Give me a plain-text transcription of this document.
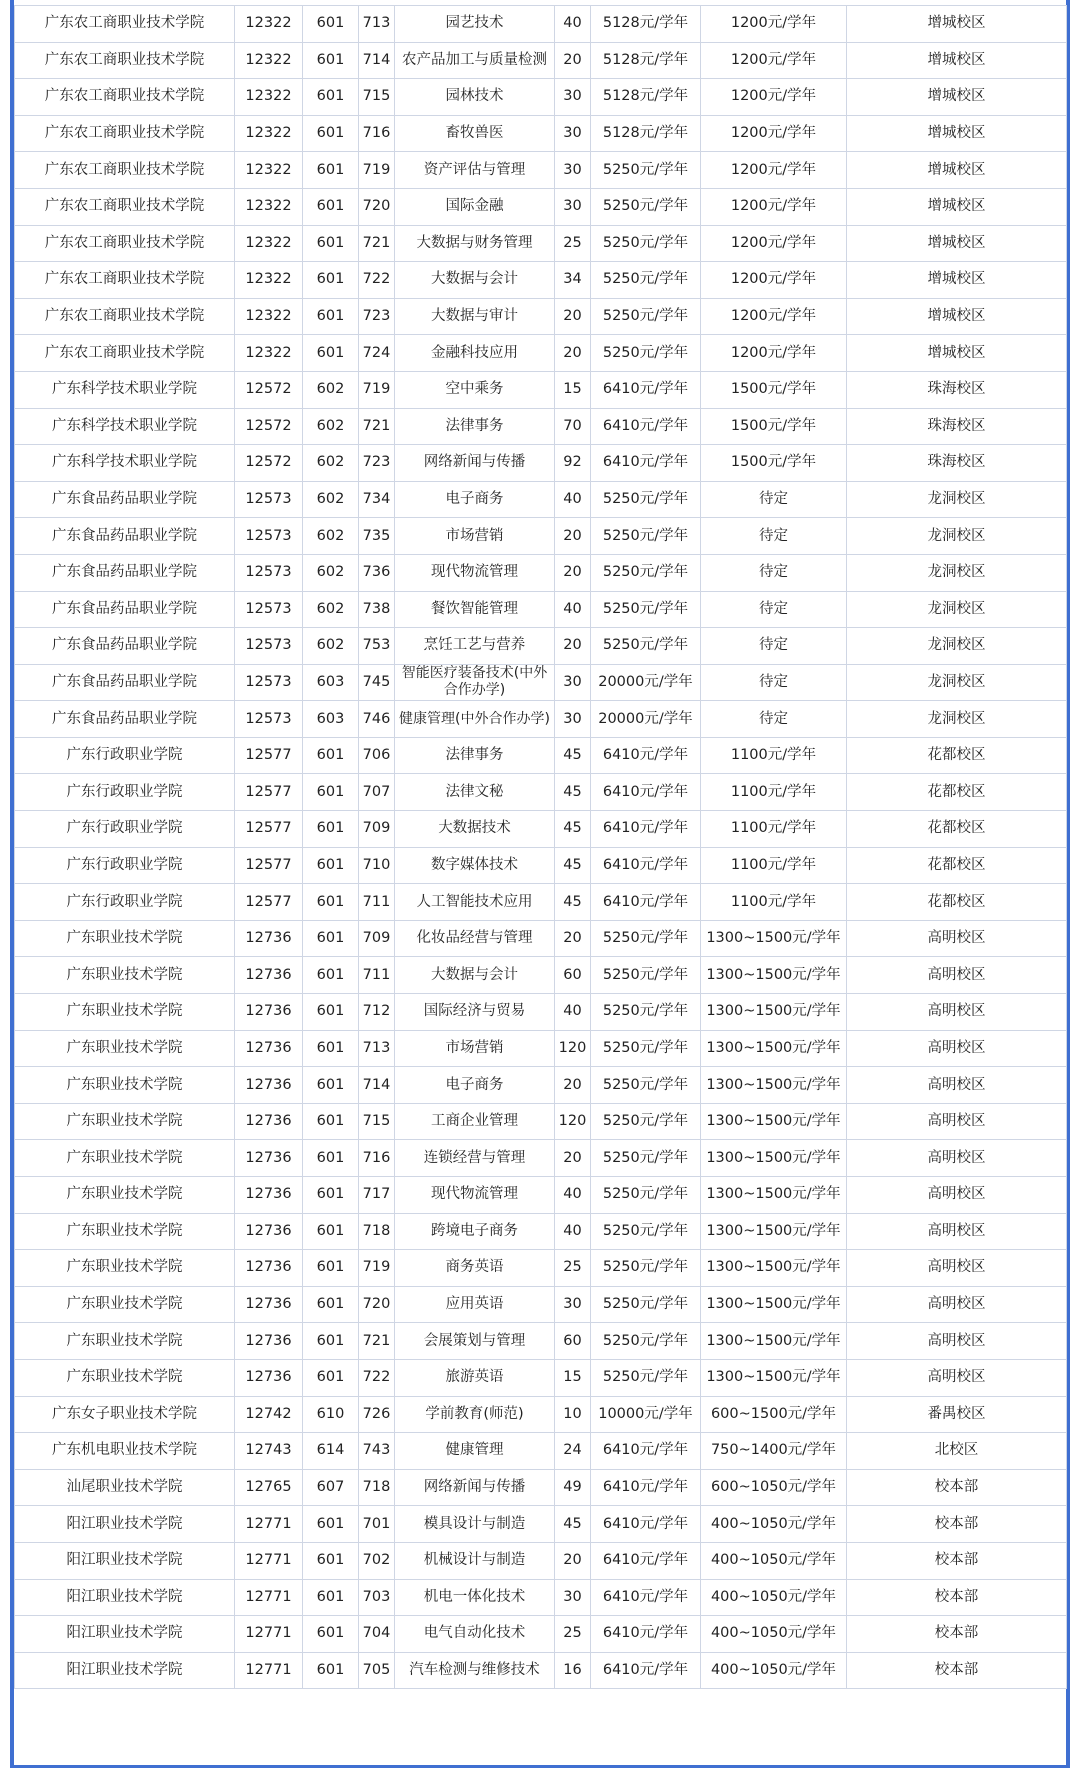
广东农工商职业技术学院	12322	601	713	园艺技术	40	5128元/学年	1200元/学年	增城校区
广东农工商职业技术学院	12322	601	714	农产品加工与质量检测	20	5128元/学年	1200元/学年	增城校区
广东农工商职业技术学院	12322	601	715	园林技术	30	5128元/学年	1200元/学年	增城校区
广东农工商职业技术学院	12322	601	716	畜牧兽医	30	5128元/学年	1200元/学年	增城校区
广东农工商职业技术学院	12322	601	719	资产评估与管理	30	5250元/学年	1200元/学年	增城校区
广东农工商职业技术学院	12322	601	720	国际金融	30	5250元/学年	1200元/学年	增城校区
广东农工商职业技术学院	12322	601	721	大数据与财务管理	25	5250元/学年	1200元/学年	增城校区
广东农工商职业技术学院	12322	601	722	大数据与会计	34	5250元/学年	1200元/学年	增城校区
广东农工商职业技术学院	12322	601	723	大数据与审计	20	5250元/学年	1200元/学年	增城校区
广东农工商职业技术学院	12322	601	724	金融科技应用	20	5250元/学年	1200元/学年	增城校区
广东科学技术职业学院	12572	602	719	空中乘务	15	6410元/学年	1500元/学年	珠海校区
广东科学技术职业学院	12572	602	721	法律事务	70	6410元/学年	1500元/学年	珠海校区
广东科学技术职业学院	12572	602	723	网络新闻与传播	92	6410元/学年	1500元/学年	珠海校区
广东食品药品职业学院	12573	602	734	电子商务	40	5250元/学年	待定	龙洞校区
广东食品药品职业学院	12573	602	735	市场营销	20	5250元/学年	待定	龙洞校区
广东食品药品职业学院	12573	602	736	现代物流管理	20	5250元/学年	待定	龙洞校区
广东食品药品职业学院	12573	602	738	餐饮智能管理	40	5250元/学年	待定	龙洞校区
广东食品药品职业学院	12573	602	753	烹饪工艺与营养	20	5250元/学年	待定	龙洞校区
广东食品药品职业学院	12573	603	745	智能医疗装备技术(中外合作办学)	30	20000元/学年	待定	龙洞校区
广东食品药品职业学院	12573	603	746	健康管理(中外合作办学)	30	20000元/学年	待定	龙洞校区
广东行政职业学院	12577	601	706	法律事务	45	6410元/学年	1100元/学年	花都校区
广东行政职业学院	12577	601	707	法律文秘	45	6410元/学年	1100元/学年	花都校区
广东行政职业学院	12577	601	709	大数据技术	45	6410元/学年	1100元/学年	花都校区
广东行政职业学院	12577	601	710	数字媒体技术	45	6410元/学年	1100元/学年	花都校区
广东行政职业学院	12577	601	711	人工智能技术应用	45	6410元/学年	1100元/学年	花都校区
广东职业技术学院	12736	601	709	化妆品经营与管理	20	5250元/学年	1300~1500元/学年	高明校区
广东职业技术学院	12736	601	711	大数据与会计	60	5250元/学年	1300~1500元/学年	高明校区
广东职业技术学院	12736	601	712	国际经济与贸易	40	5250元/学年	1300~1500元/学年	高明校区
广东职业技术学院	12736	601	713	市场营销	120	5250元/学年	1300~1500元/学年	高明校区
广东职业技术学院	12736	601	714	电子商务	20	5250元/学年	1300~1500元/学年	高明校区
广东职业技术学院	12736	601	715	工商企业管理	120	5250元/学年	1300~1500元/学年	高明校区
广东职业技术学院	12736	601	716	连锁经营与管理	20	5250元/学年	1300~1500元/学年	高明校区
广东职业技术学院	12736	601	717	现代物流管理	40	5250元/学年	1300~1500元/学年	高明校区
广东职业技术学院	12736	601	718	跨境电子商务	40	5250元/学年	1300~1500元/学年	高明校区
广东职业技术学院	12736	601	719	商务英语	25	5250元/学年	1300~1500元/学年	高明校区
广东职业技术学院	12736	601	720	应用英语	30	5250元/学年	1300~1500元/学年	高明校区
广东职业技术学院	12736	601	721	会展策划与管理	60	5250元/学年	1300~1500元/学年	高明校区
广东职业技术学院	12736	601	722	旅游英语	15	5250元/学年	1300~1500元/学年	高明校区
广东女子职业技术学院	12742	610	726	学前教育(师范)	10	10000元/学年	600~1500元/学年	番禺校区
广东机电职业技术学院	12743	614	743	健康管理	24	6410元/学年	750~1400元/学年	北校区
汕尾职业技术学院	12765	607	718	网络新闻与传播	49	6410元/学年	600~1050元/学年	校本部
阳江职业技术学院	12771	601	701	模具设计与制造	45	6410元/学年	400~1050元/学年	校本部
阳江职业技术学院	12771	601	702	机械设计与制造	20	6410元/学年	400~1050元/学年	校本部
阳江职业技术学院	12771	601	703	机电一体化技术	30	6410元/学年	400~1050元/学年	校本部
阳江职业技术学院	12771	601	704	电气自动化技术	25	6410元/学年	400~1050元/学年	校本部
阳江职业技术学院	12771	601	705	汽车检测与维修技术	16	6410元/学年	400~1050元/学年	校本部
